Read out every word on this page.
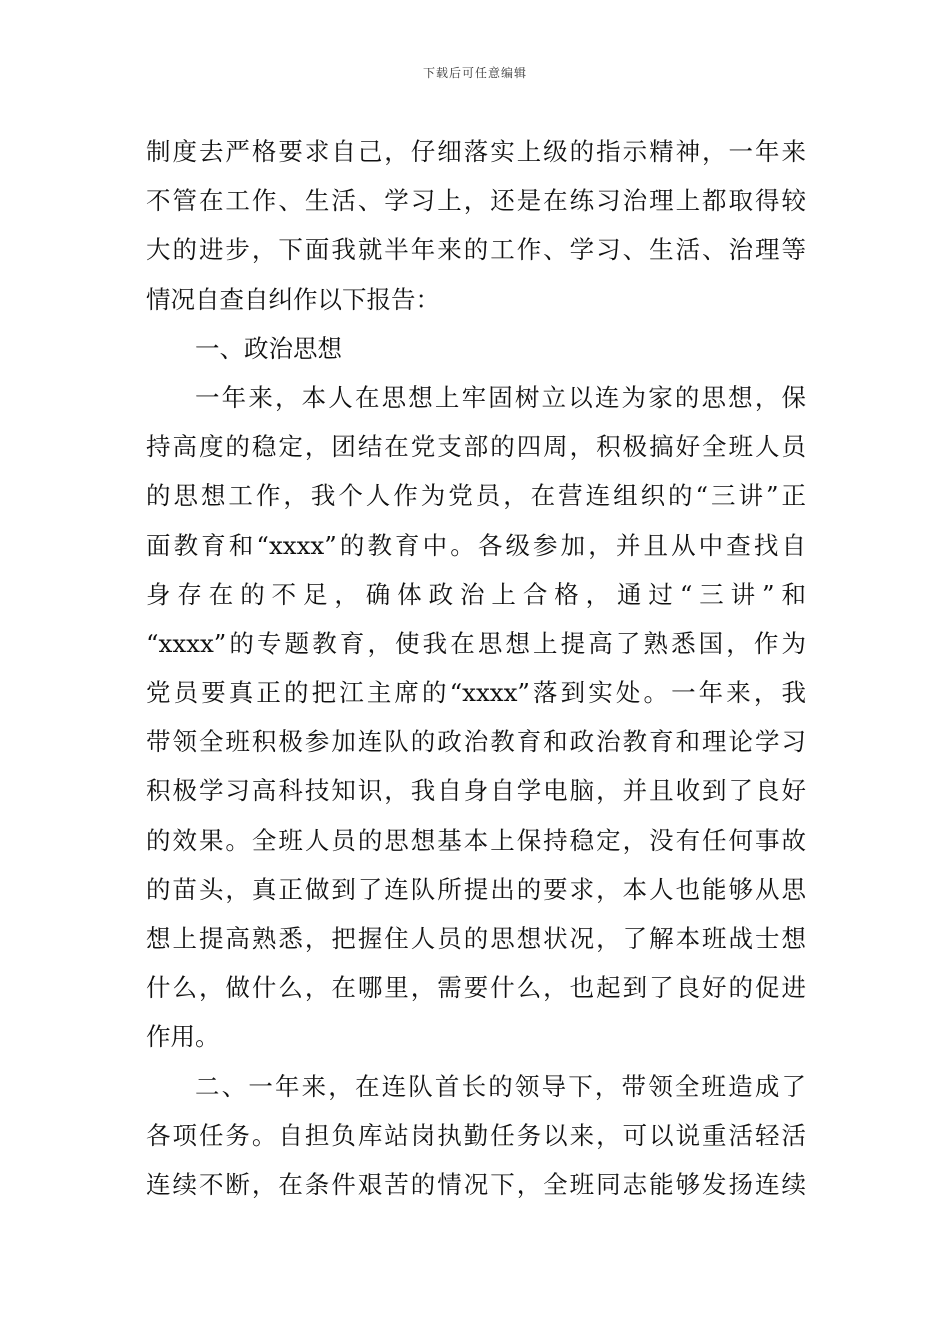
下载后可任意编辑
制度去严格要求自己，仔细落实上级的指示精神，一年来
不管在工作、生活、学习上，还是在练习治理上都取得较
大的进步，下面我就半年来的工作、学习、生活、治理等
情况自查自纠作以下报告：
一、政治思想
一年来，本人在思想上牢固树立以连为家的思想，保
持高度的稳定，团结在党支部的四周，积极搞好全班人员
的思想工作，我个人作为党员，在营连组织的“三讲”正
面教育和“xxxx”的教育中。各级参加，并且从中查找自
身存在的不足，确体政治上合格，通过“三讲”和
“xxxx”的专题教育，使我在思想上提高了熟悉国，作为
党员要真正的把江主席的“xxxx”落到实处。一年来，我
带领全班积极参加连队的政治教育和政治教育和理论学习
积极学习高科技知识，我自身自学电脑，并且收到了良好
的效果。全班人员的思想基本上保持稳定，没有任何事故
的苗头，真正做到了连队所提出的要求，本人也能够从思
想上提高熟悉，把握住人员的思想状况，了解本班战士想
什么，做什么，在哪里，需要什么，也起到了良好的促进
作用。
二、一年来，在连队首长的领导下，带领全班造成了
各项任务。自担负库站岗执勤任务以来，可以说重活轻活
连续不断，在条件艰苦的情况下，全班同志能够发扬连续
